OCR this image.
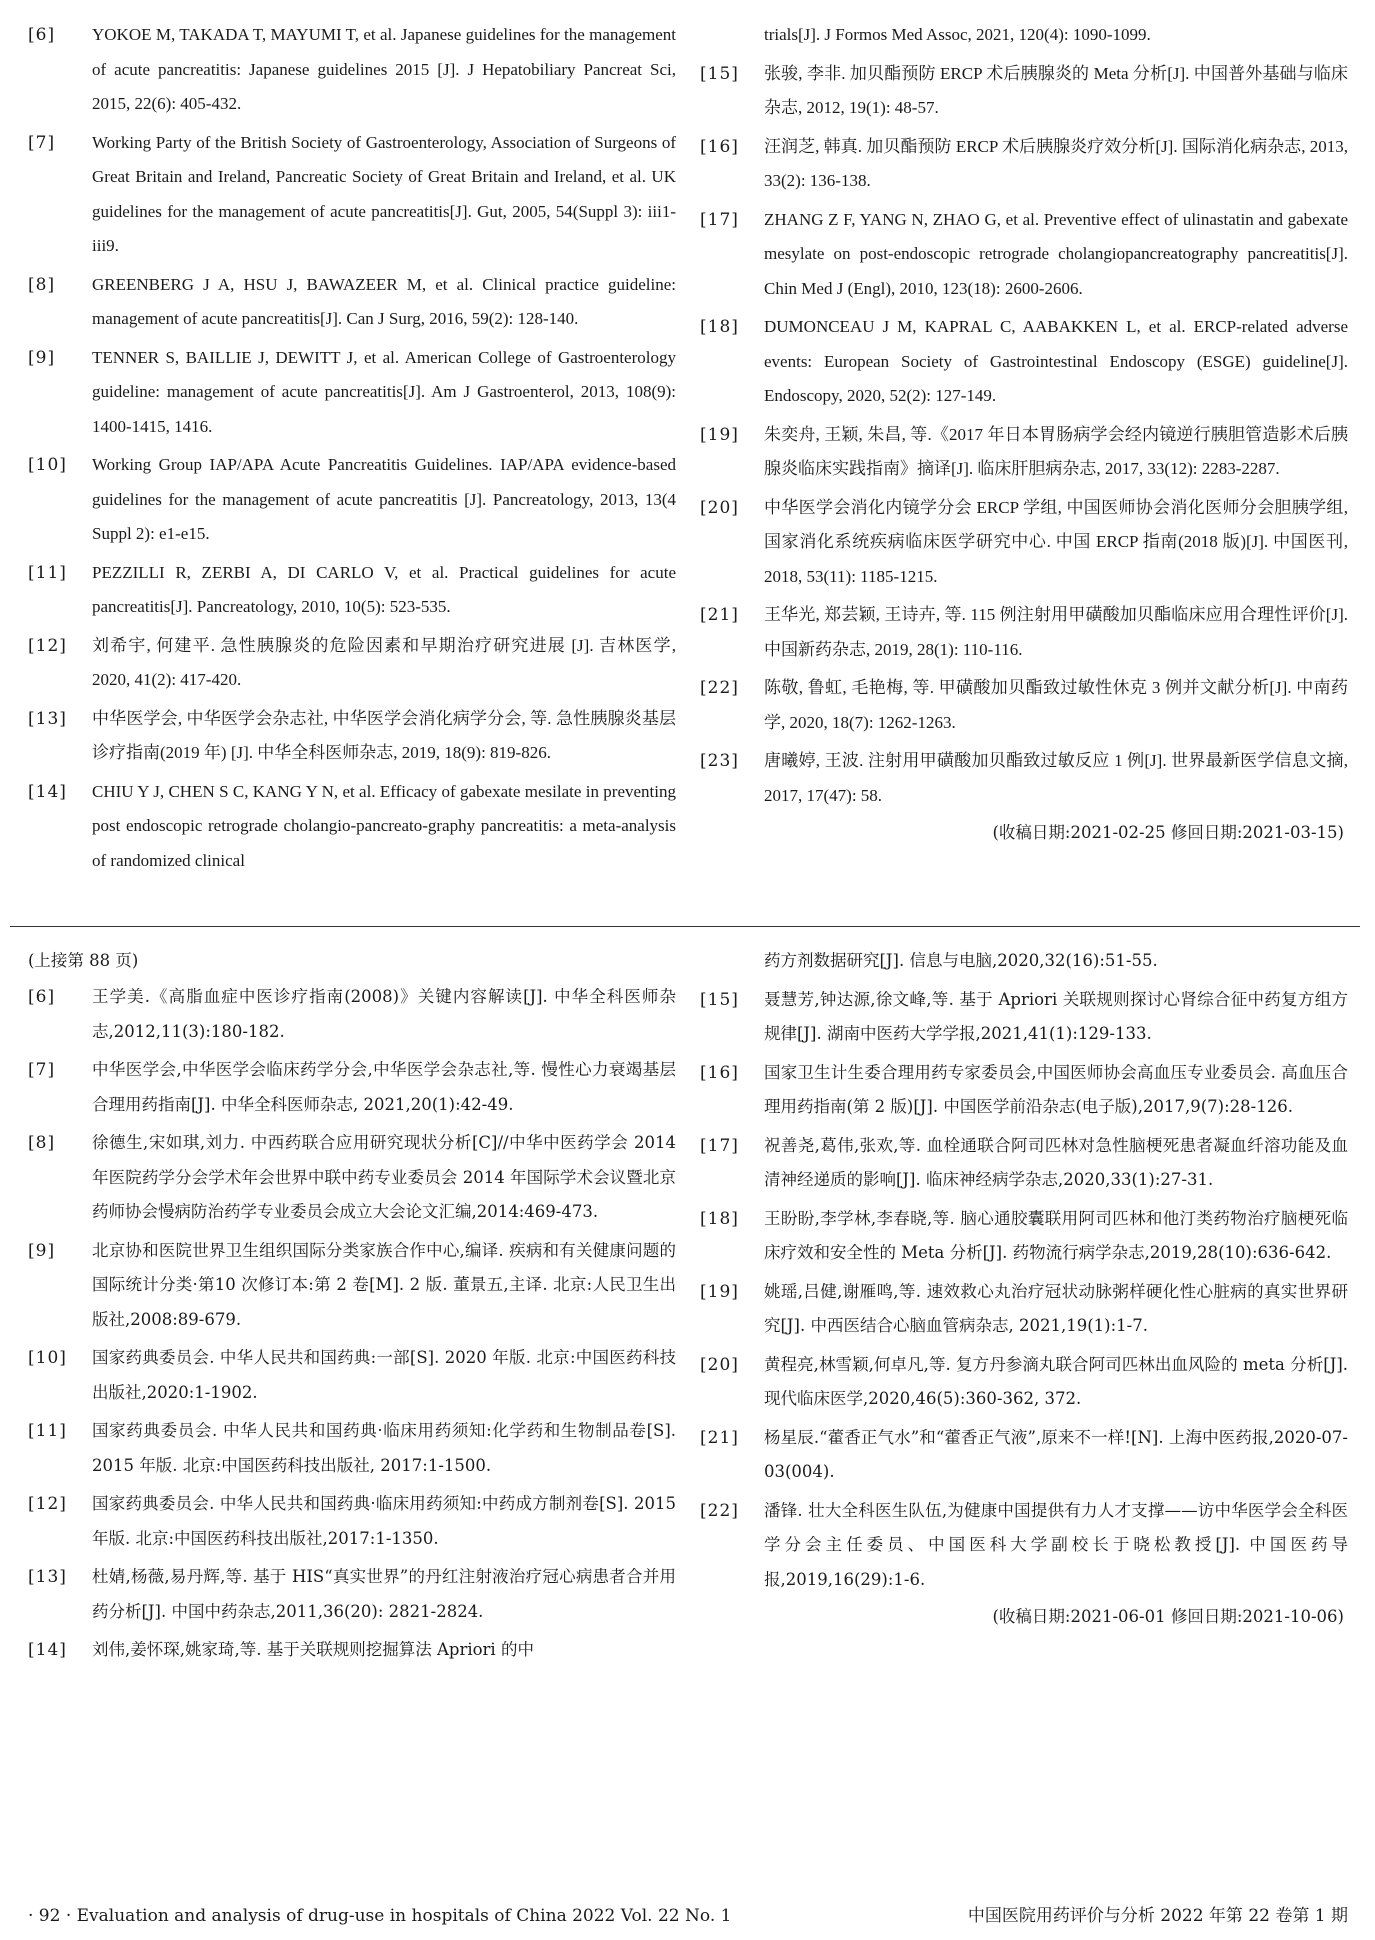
[6]	YOKOE M, TAKADA T, MAYUMI T, et al. Japanese guidelines for the management of acute pancreatitis: Japanese guidelines 2015 [J]. J Hepatobiliary Pancreat Sci, 2015, 22(6): 405-432.
[7]	Working Party of the British Society of Gastroenterology, Association of Surgeons of Great Britain and Ireland, Pancreatic Society of Great Britain and Ireland, et al. UK guidelines for the management of acute pancreatitis[J]. Gut, 2005, 54(Suppl 3): iii1-iii9.
[8]	GREENBERG J A, HSU J, BAWAZEER M, et al. Clinical practice guideline: management of acute pancreatitis[J]. Can J Surg, 2016, 59(2): 128-140.
[9]	TENNER S, BAILLIE J, DEWITT J, et al. American College of Gastroenterology guideline: management of acute pancreatitis[J]. Am J Gastroenterol, 2013, 108(9): 1400-1415, 1416.
[10]	Working Group IAP/APA Acute Pancreatitis Guidelines. IAP/APA evidence-based guidelines for the management of acute pancreatitis [J]. Pancreatology, 2013, 13(4 Suppl 2): e1-e15.
[11]	PEZZILLI R, ZERBI A, DI CARLO V, et al. Practical guidelines for acute pancreatitis[J]. Pancreatology, 2010, 10(5): 523-535.
[12]	刘希宇, 何建平. 急性胰腺炎的危险因素和早期治疗研究进展 [J]. 吉林医学, 2020, 41(2): 417-420.
[13]	中华医学会, 中华医学会杂志社, 中华医学会消化病学分会, 等. 急性胰腺炎基层诊疗指南(2019 年) [J]. 中华全科医师杂志, 2019, 18(9): 819-826.
[14]	CHIU Y J, CHEN S C, KANG Y N, et al. Efficacy of gabexate mesilate in preventing post endoscopic retrograde cholangio-pancreato-graphy pancreatitis: a meta-analysis of randomized clinical
trials[J]. J Formos Med Assoc, 2021, 120(4): 1090-1099.
[15]	张骏, 李非. 加贝酯预防 ERCP 术后胰腺炎的 Meta 分析[J]. 中国普外基础与临床杂志, 2012, 19(1): 48-57.
[16]	汪润芝, 韩真. 加贝酯预防 ERCP 术后胰腺炎疗效分析[J]. 国际消化病杂志, 2013, 33(2): 136-138.
[17]	ZHANG Z F, YANG N, ZHAO G, et al. Preventive effect of ulinastatin and gabexate mesylate on post-endoscopic retrograde cholangiopancreatography pancreatitis[J]. Chin Med J (Engl), 2010, 123(18): 2600-2606.
[18]	DUMONCEAU J M, KAPRAL C, AABAKKEN L, et al. ERCP-related adverse events: European Society of Gastrointestinal Endoscopy (ESGE) guideline[J]. Endoscopy, 2020, 52(2): 127-149.
[19]	朱奕舟, 王颖, 朱昌, 等.《2017 年日本胃肠病学会经内镜逆行胰胆管造影术后胰腺炎临床实践指南》摘译[J]. 临床肝胆病杂志, 2017, 33(12): 2283-2287.
[20]	中华医学会消化内镜学分会 ERCP 学组, 中国医师协会消化医师分会胆胰学组, 国家消化系统疾病临床医学研究中心. 中国 ERCP 指南(2018 版)[J]. 中国医刊, 2018, 53(11): 1185-1215.
[21]	王华光, 郑芸颖, 王诗卉, 等. 115 例注射用甲磺酸加贝酯临床应用合理性评价[J]. 中国新药杂志, 2019, 28(1): 110-116.
[22]	陈敬, 鲁虹, 毛艳梅, 等. 甲磺酸加贝酯致过敏性休克 3 例并文献分析[J]. 中南药学, 2020, 18(7): 1262-1263.
[23]	唐曦婷, 王波. 注射用甲磺酸加贝酯致过敏反应 1 例[J]. 世界最新医学信息文摘, 2017, 17(47): 58.
(收稿日期:2021-02-25 修回日期:2021-03-15)
(上接第 88 页)
[6]	王学美.《高脂血症中医诊疗指南(2008)》关键内容解读[J]. 中华全科医师杂志,2012,11(3):180-182.
[7]	中华医学会,中华医学会临床药学分会,中华医学会杂志社,等. 慢性心力衰竭基层合理用药指南[J]. 中华全科医师杂志, 2021,20(1):42-49.
[8]	徐德生,宋如琪,刘力. 中西药联合应用研究现状分析[C]//中华中医药学会 2014 年医院药学分会学术年会世界中联中药专业委员会 2014 年国际学术会议暨北京药师协会慢病防治药学专业委员会成立大会论文汇编,2014:469-473.
[9]	北京协和医院世界卫生组织国际分类家族合作中心,编译. 疾病和有关健康问题的国际统计分类·第10 次修订本:第 2 卷[M]. 2 版. 董景五,主译. 北京:人民卫生出版社,2008:89-679.
[10]	国家药典委员会. 中华人民共和国药典:一部[S]. 2020 年版. 北京:中国医药科技出版社,2020:1-1902.
[11]	国家药典委员会. 中华人民共和国药典·临床用药须知:化学药和生物制品卷[S]. 2015 年版. 北京:中国医药科技出版社, 2017:1-1500.
[12]	国家药典委员会. 中华人民共和国药典·临床用药须知:中药成方制剂卷[S]. 2015 年版. 北京:中国医药科技出版社,2017:1-1350.
[13]	杜婧,杨薇,易丹辉,等. 基于 HIS“真实世界”的丹红注射液治疗冠心病患者合并用药分析[J]. 中国中药杂志,2011,36(20): 2821-2824.
[14]	刘伟,姜怀琛,姚家琦,等. 基于关联规则挖掘算法 Apriori 的中
药方剂数据研究[J]. 信息与电脑,2020,32(16):51-55.
[15]	聂慧芳,钟达源,徐文峰,等. 基于 Apriori 关联规则探讨心肾综合征中药复方组方规律[J]. 湖南中医药大学学报,2021,41(1):129-133.
[16]	国家卫生计生委合理用药专家委员会,中国医师协会高血压专业委员会. 高血压合理用药指南(第 2 版)[J]. 中国医学前沿杂志(电子版),2017,9(7):28-126.
[17]	祝善尧,葛伟,张欢,等. 血栓通联合阿司匹林对急性脑梗死患者凝血纤溶功能及血清神经递质的影响[J]. 临床神经病学杂志,2020,33(1):27-31.
[18]	王盼盼,李学林,李春晓,等. 脑心通胶囊联用阿司匹林和他汀类药物治疗脑梗死临床疗效和安全性的 Meta 分析[J]. 药物流行病学杂志,2019,28(10):636-642.
[19]	姚瑶,吕健,谢雁鸣,等. 速效救心丸治疗冠状动脉粥样硬化性心脏病的真实世界研究[J]. 中西医结合心脑血管病杂志, 2021,19(1):1-7.
[20]	黄程亮,林雪颖,何卓凡,等. 复方丹参滴丸联合阿司匹林出血风险的 meta 分析[J]. 现代临床医学,2020,46(5):360-362, 372.
[21]	杨星辰.“藿香正气水”和“藿香正气液”,原来不一样![N]. 上海中医药报,2020-07-03(004).
[22]	潘锋. 壮大全科医生队伍,为健康中国提供有力人才支撑——访中华医学会全科医学分会主任委员、中国医科大学副校长于晓松教授[J]. 中国医药导报,2019,16(29):1-6.
(收稿日期:2021-06-01 修回日期:2021-10-06)
· 92 · Evaluation and analysis of drug-use in hospitals of China 2022 Vol. 22 No. 1	中国医院用药评价与分析 2022 年第 22 卷第 1 期
